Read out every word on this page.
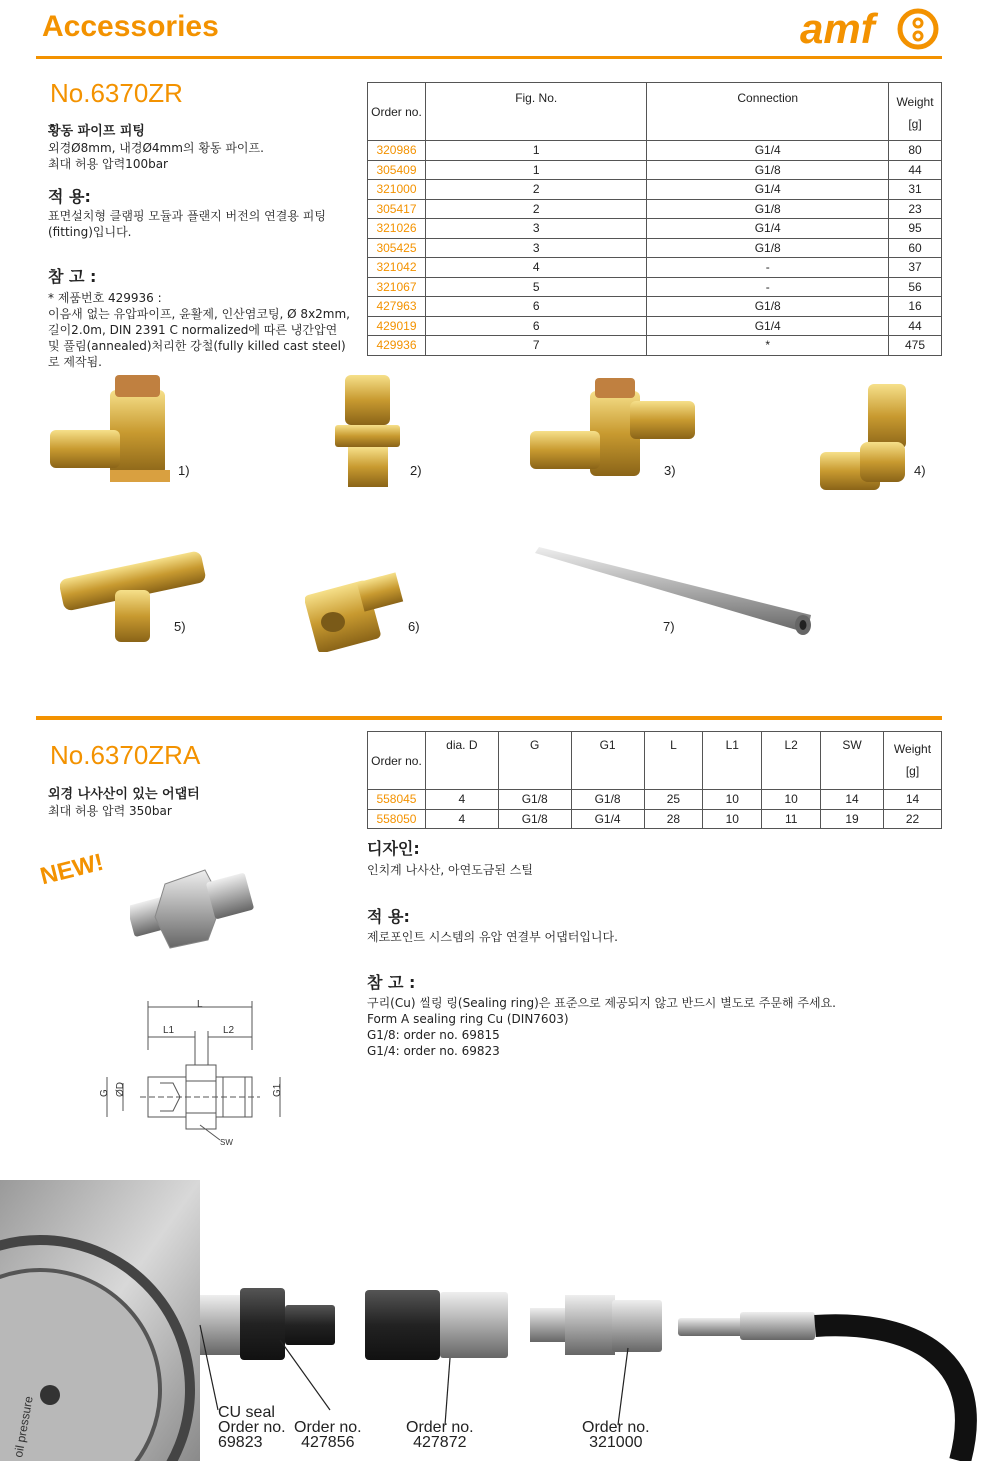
Accessories	amf
No.6370ZR
황동 파이프 피팅
외경Ø8mm, 내경Ø4mm의 황동 파이프.
최대 허용 압력100bar
적 용:
표면설치형 클램핑 모듈과 플랜지 버전의 연결용 피팅
(fitting)입니다.
참 고 :
* 제품번호 429936 :
이음새 없는 유압파이프, 윤활제, 인산염코팅, Ø 8x2mm,
길이2.0m, DIN 2391 C normalized에 따른 냉간압연
및 풀림(annealed)처리한 강철(fully killed cast steel)
로 제작됨.
Order no.	Fig. No.	Connection	Weight
[g]

320986	1	G1/4	80
305409	1	G1/8	44
321000	2	G1/4	31
305417	2	G1/8	23
321026	3	G1/4	95
305425	3	G1/8	60
321042	4	-	37
321067	5	-	56
427963	6	G1/8	16
429019	6	G1/4	44
429936	7	*	475
1)	2)	3)	4)
5)	6)	7)
No.6370ZRA
외경 나사산이 있는 어댑터
최대 허용 압력 350bar
NEW!
L
L1	L2
G ØD	G1
SW
Order no.	dia. D	G	G1	L	L1	L2	SW	Weight
[g]

558045	4	G1/8	G1/8	25	10	10	14	14
558050	4	G1/8	G1/4	28	10	11	19	22
디자인:
인치계 나사산, 아연도금된 스틸
적 용:
제로포인트 시스템의 유압 연결부 어댑터입니다.
참 고 :
구리(Cu) 씰링 링(Sealing ring)은 표준으로 제공되지 않고 반드시 별도로 주문해 주세요.
Form A sealing ring Cu (DIN7603)
G1/8: order no. 69815
G1/4: order no. 69823
oil pressure	CU seal
Order no.
69823
Order no.
427856
Order no.
427872
Order no.
321000
